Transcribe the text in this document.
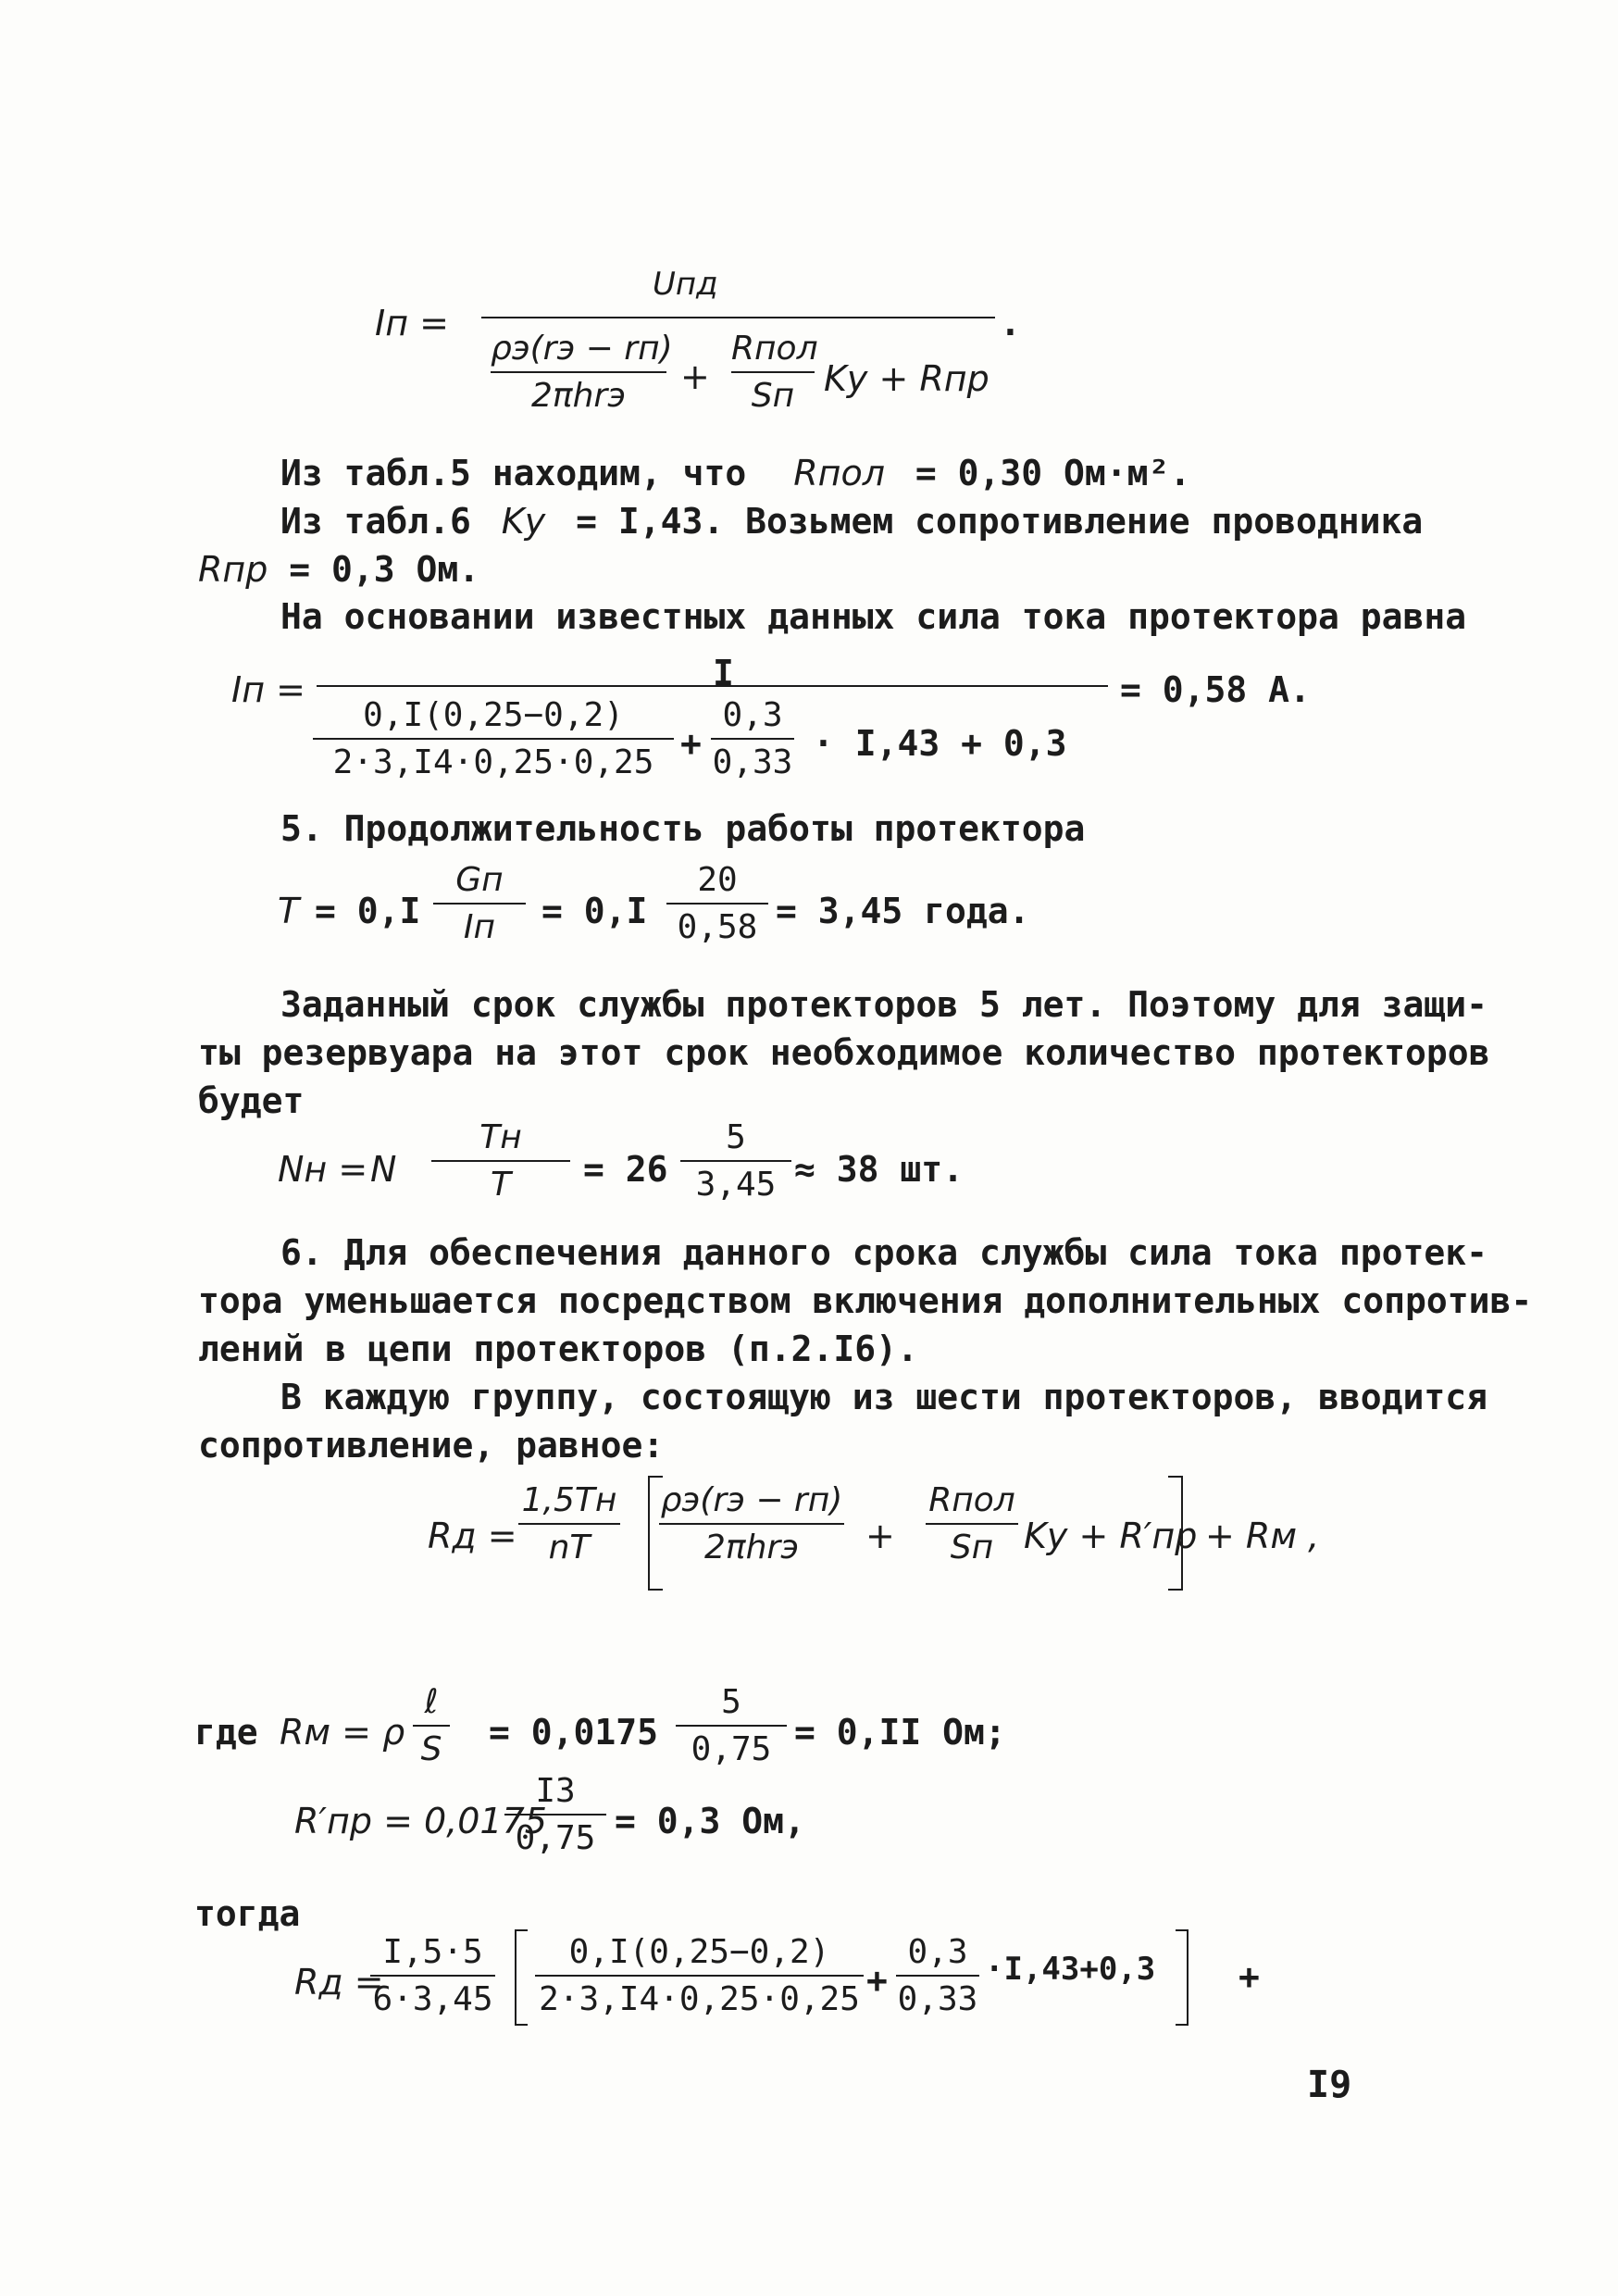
Iп =
Uпд
ρэ(rэ − rп)
2πhrэ	+
Rпол
Sп Kу + Rпр
.
Из табл.5 находим, что Rпол = 0,30 Ом·м².
Из табл.6 Kу = I,43. Возьмем сопротивление проводника
Rпр = 0,3 Ом.
На основании известных данных сила тока протектора равна
Iп =	I
0,I(0,25−0,2)
2·3,I4·0,25·0,25 +
0,3
0,33 · I,43 + 0,3
= 0,58 A.
5. Продолжительность работы протектора
T = 0,I
Gп
Iп	= 0,I
20
0,58 = 3,45 года.
Заданный срок службы протекторов 5 лет. Поэтому для защи-
ты резервуара на этот срок необходимое количество протекторов
будет
Nн = N
Tн
T	= 26
5
3,45 ≈ 38 шт.
6. Для обеспечения данного срока службы сила тока протек-
тора уменьшается посредством включения дополнительных сопротив-
лений в цепи протекторов (п.2.I6).
В каждую группу, состоящую из шести протекторов, вводится
сопротивление, равное:
Rд =
1,5Tн
nT
ρэ(rэ − rп)
2πhrэ	+
Rпол
Sп Kу + R′пр + Rм ,
где Rм = ρ
ℓ
S = 0,0175
5
0,75 = 0,II Ом;
R′пр = 0,0175
I3
0,75 = 0,3 Ом,
тогда
Rд =
I,5·5
6·3,45
0,I(0,25−0,2)
2·3,I4·0,25·0,25 +
0,3
0,33
·I,43+0,3 +
I9
